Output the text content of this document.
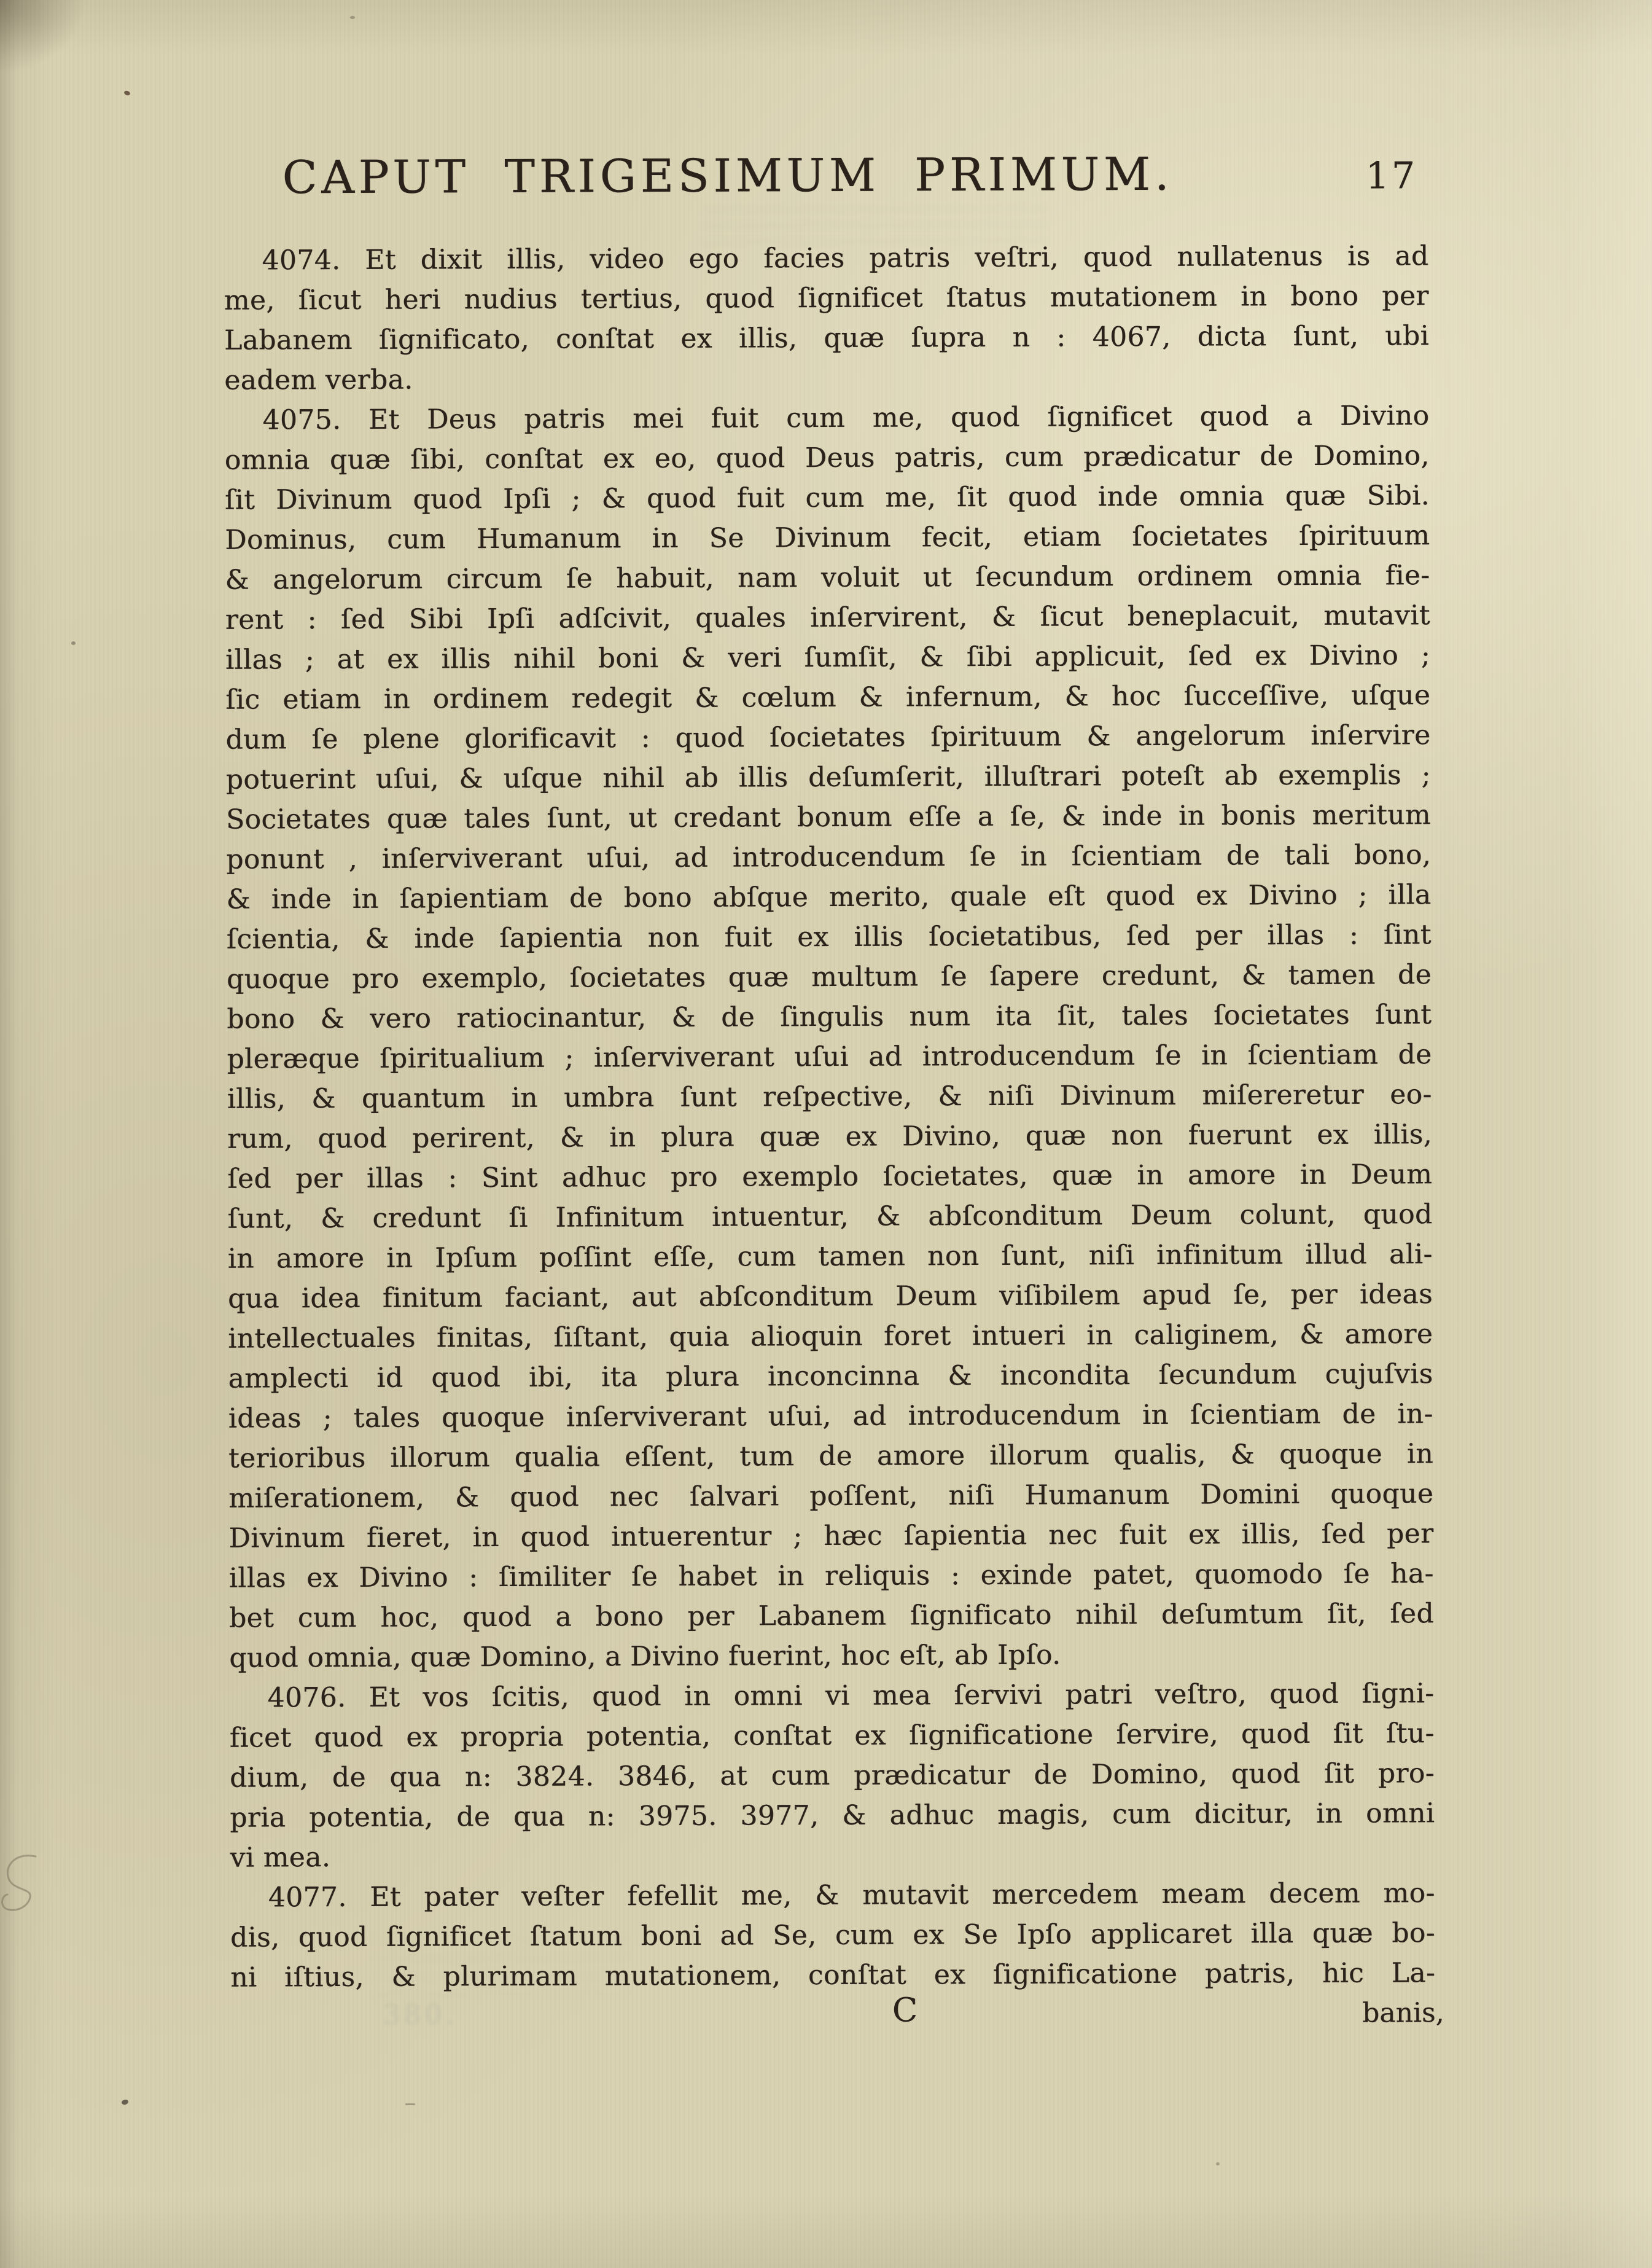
CAPUT TRIGESIMUM PRIMUM.	17
4074. Et dixit illis, video ego facies patris veſtri, quod nullatenus is ad
me, ſicut heri nudius tertius, quod ſignificet ſtatus mutationem in bono per
Labanem ſignificato, conſtat ex illis, quæ ſupra n : 4067, dicta ſunt, ubi
eadem verba.
4075. Et Deus patris mei fuit cum me, quod ſignificet quod a Divino
omnia quæ ſibi, conſtat ex eo, quod Deus patris, cum prædicatur de Domino,
ſit Divinum quod Ipſi ; & quod fuit cum me, ſit quod inde omnia quæ Sibi.
Dominus, cum Humanum in Se Divinum fecit, etiam ſocietates ſpirituum
& angelorum circum ſe habuit, nam voluit ut ſecundum ordinem omnia fie-
rent : ſed Sibi Ipſi adſcivit, quales inſervirent, & ſicut beneplacuit, mutavit
illas ; at ex illis nihil boni & veri ſumſit, & ſibi applicuit, ſed ex Divino ;
ſic etiam in ordinem redegit & cœlum & infernum, & hoc ſucceſſive, uſque
dum ſe plene glorificavit : quod ſocietates ſpirituum & angelorum inſervire
potuerint uſui, & uſque nihil ab illis deſumſerit, illuſtrari poteſt ab exemplis ;
Societates quæ tales ſunt, ut credant bonum eſſe a ſe, & inde in bonis meritum
ponunt , inſerviverant uſui, ad introducendum ſe in ſcientiam de tali bono,
& inde in ſapientiam de bono abſque merito, quale eſt quod ex Divino ; illa
ſcientia, & inde ſapientia non fuit ex illis ſocietatibus, ſed per illas : ſint
quoque pro exemplo, ſocietates quæ multum ſe ſapere credunt, & tamen de
bono & vero ratiocinantur, & de ſingulis num ita ſit, tales ſocietates ſunt
pleræque ſpiritualium ; inſerviverant uſui ad introducendum ſe in ſcientiam de
illis, & quantum in umbra ſunt reſpective, & niſi Divinum miſereretur eo-
rum, quod perirent, & in plura quæ ex Divino, quæ non fuerunt ex illis,
ſed per illas : Sint adhuc pro exemplo ſocietates, quæ in amore in Deum
ſunt, & credunt ſi Infinitum intuentur, & abſconditum Deum colunt, quod
in amore in Ipſum poſſint eſſe, cum tamen non ſunt, niſi infinitum illud ali-
qua idea finitum faciant, aut abſconditum Deum viſibilem apud ſe, per ideas
intellectuales finitas, ſiſtant, quia alioquin foret intueri in caliginem, & amore
amplecti id quod ibi, ita plura inconcinna & incondita ſecundum cujuſvis
ideas ; tales quoque inſerviverant uſui, ad introducendum in ſcientiam de in-
terioribus illorum qualia eſſent, tum de amore illorum qualis, & quoque in
miſerationem, & quod nec ſalvari poſſent, niſi Humanum Domini quoque
Divinum fieret, in quod intuerentur ; hæc ſapientia nec fuit ex illis, ſed per
illas ex Divino : ſimiliter ſe habet in reliquis : exinde patet, quomodo ſe ha-
bet cum hoc, quod a bono per Labanem ſignificato nihil deſumtum ſit, ſed
quod omnia, quæ Domino, a Divino fuerint, hoc eſt, ab Ipſo.
4076. Et vos ſcitis, quod in omni vi mea ſervivi patri veſtro, quod ſigni-
ficet quod ex propria potentia, conſtat ex ſignificatione ſervire, quod ſit ſtu-
dium, de qua n: 3824. 3846, at cum prædicatur de Domino, quod ſit pro-
pria potentia, de qua n: 3975. 3977, & adhuc magis, cum dicitur, in omni
vi mea.
4077. Et pater veſter fefellit me, & mutavit mercedem meam decem mo-
dis, quod ſignificet ſtatum boni ad Se, cum ex Se Ipſo applicaret illa quæ bo-
ni iſtius, & plurimam mutationem, conſtat ex ſignificatione patris, hic La-
C	banis,
380.
